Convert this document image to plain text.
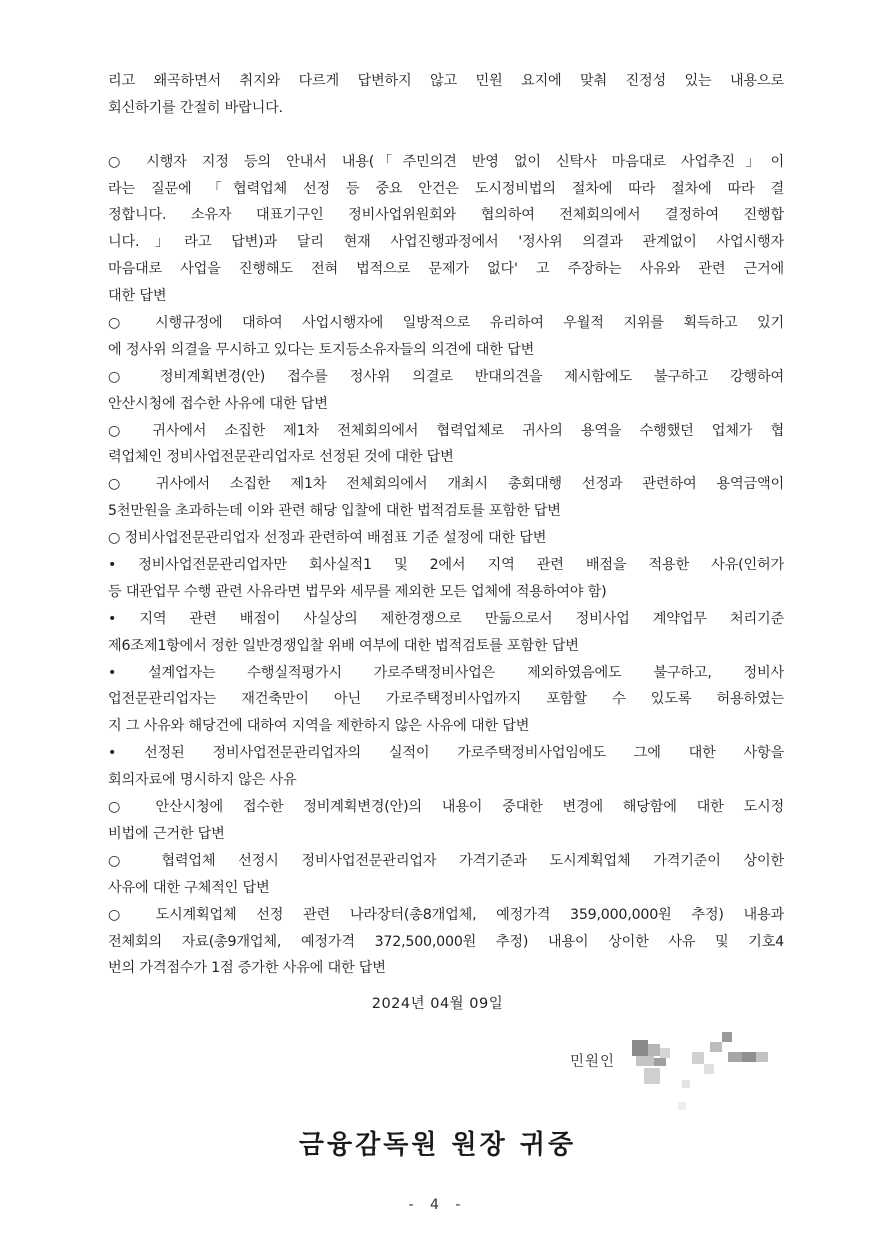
리고 왜곡하면서 취지와 다르게 답변하지 않고 민원 요지에 맞춰 진정성 있는 내용으로
회신하기를 간절히 바랍니다.
○ 시행자 지정 등의 안내서 내용(「주민의견 반영 없이 신탁사 마음대로 사업추진」이
라는 질문에 「협력업체 선정 등 중요 안건은 도시정비법의 절차에 따라 절차에 따라 결
정합니다. 소유자 대표기구인 정비사업위원회와 협의하여 전체회의에서 결정하여 진행합
니다.」라고 답변)과 달리 현재 사업진행과정에서 '정사위 의결과 관계없이 사업시행자
마음대로 사업을 진행해도 전혀 법적으로 문제가 없다' 고 주장하는 사유와 관련 근거에
대한 답변
○ 시행규정에 대하여 사업시행자에 일방적으로 유리하여 우월적 지위를 획득하고 있기
에 정사위 의결을 무시하고 있다는 토지등소유자들의 의견에 대한 답변
○ 정비계획변경(안) 접수를 정사위 의결로 반대의견을 제시함에도 불구하고 강행하여
안산시청에 접수한 사유에 대한 답변
○ 귀사에서 소집한 제1차 전체회의에서 협력업체로 귀사의 용역을 수행했던 업체가 협
력업체인 정비사업전문관리업자로 선정된 것에 대한 답변
○ 귀사에서 소집한 제1차 전체회의에서 개최시 총회대행 선정과 관련하여 용역금액이
5천만원을 초과하는데 이와 관련 해당 입찰에 대한 법적검토를 포함한 답변
○ 정비사업전문관리업자 선정과 관련하여 배점표 기준 설정에 대한 답변
• 정비사업전문관리업자만 회사실적1 및 2에서 지역 관련 배점을 적용한 사유(인허가
등 대관업무 수행 관련 사유라면 법무와 세무를 제외한 모든 업체에 적용하여야 함)
• 지역 관련 배점이 사실상의 제한경쟁으로 만듦으로서 정비사업 계약업무 처리기준
제6조제1항에서 정한 일반경쟁입찰 위배 여부에 대한 법적검토를 포함한 답변
• 설계업자는 수행실적평가시 가로주택정비사업은 제외하였음에도 불구하고, 정비사
업전문관리업자는 재건축만이 아닌 가로주택정비사업까지 포함할 수 있도록 허용하였는
지 그 사유와 해당건에 대하여 지역을 제한하지 않은 사유에 대한 답변
• 선정된 정비사업전문관리업자의 실적이 가로주택정비사업임에도 그에 대한 사항을
회의자료에 명시하지 않은 사유
○ 안산시청에 접수한 정비계획변경(안)의 내용이 중대한 변경에 해당함에 대한 도시정
비법에 근거한 답변
○ 협력업체 선정시 정비사업전문관리업자 가격기준과 도시계획업체 가격기준이 상이한
사유에 대한 구체적인 답변
○ 도시계획업체 선정 관련 나라장터(총8개업체, 예정가격 359,000,000원 추정) 내용과
전체회의 자료(총9개업체, 예정가격 372,500,000원 추정) 내용이 상이한 사유 및 기호4
번의 가격점수가 1점 증가한 사유에 대한 답변
2024년 04월 09일
민원인
금융감독원 원장 귀중
- 4 -
